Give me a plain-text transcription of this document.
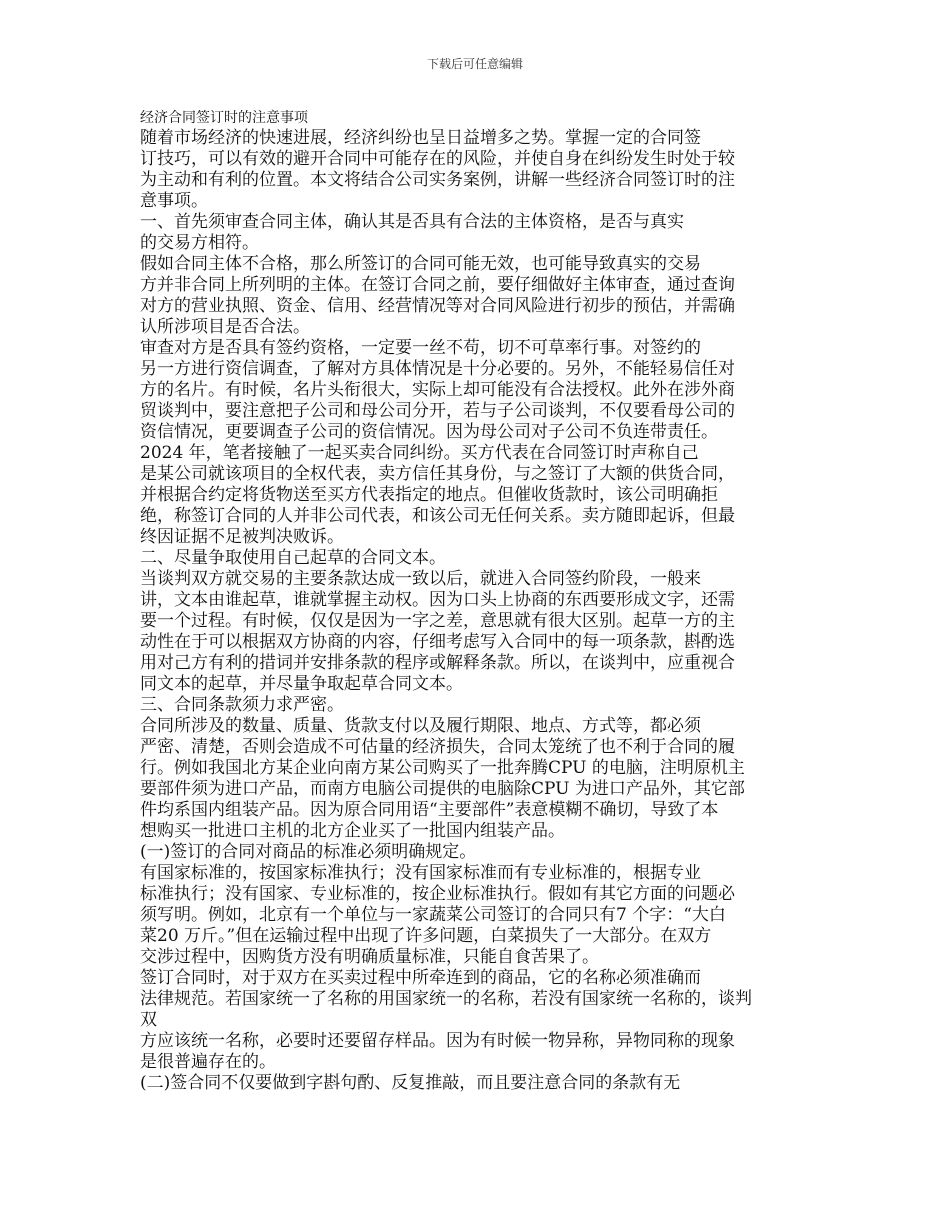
下载后可任意编辑
经济合同签订时的注意事项
随着市场经济的快速进展，经济纠纷也呈日益增多之势。掌握一定的合同签
订技巧，可以有效的避开合同中可能存在的风险，并使自身在纠纷发生时处于较
为主动和有利的位置。本文将结合公司实务案例，讲解一些经济合同签订时的注
意事项。
一、首先须审查合同主体，确认其是否具有合法的主体资格，是否与真实
的交易方相符。
假如合同主体不合格，那么所签订的合同可能无效，也可能导致真实的交易
方并非合同上所列明的主体。在签订合同之前，要仔细做好主体审查，通过查询
对方的营业执照、资金、信用、经营情况等对合同风险进行初步的预估，并需确
认所涉项目是否合法。
审查对方是否具有签约资格，一定要一丝不苟，切不可草率行事。对签约的
另一方进行资信调查，了解对方具体情况是十分必要的。另外，不能轻易信任对
方的名片。有时候，名片头衔很大，实际上却可能没有合法授权。此外在涉外商
贸谈判中，要注意把子公司和母公司分开，若与子公司谈判，不仅要看母公司的
资信情况，更要调查子公司的资信情况。因为母公司对子公司不负连带责任。
2024 年，笔者接触了一起买卖合同纠纷。买方代表在合同签订时声称自己
是某公司就该项目的全权代表，卖方信任其身份，与之签订了大额的供货合同，
并根据合约定将货物送至买方代表指定的地点。但催收货款时，该公司明确拒
绝，称签订合同的人并非公司代表，和该公司无任何关系。卖方随即起诉，但最
终因证据不足被判决败诉。
二、尽量争取使用自己起草的合同文本。
当谈判双方就交易的主要条款达成一致以后，就进入合同签约阶段，一般来
讲，文本由谁起草，谁就掌握主动权。因为口头上协商的东西要形成文字，还需
要一个过程。有时候，仅仅是因为一字之差，意思就有很大区别。起草一方的主
动性在于可以根据双方协商的内容，仔细考虑写入合同中的每一项条款，斟酌选
用对己方有利的措词并安排条款的程序或解释条款。所以，在谈判中，应重视合
同文本的起草，并尽量争取起草合同文本。
三、合同条款须力求严密。
合同所涉及的数量、质量、货款支付以及履行期限、地点、方式等，都必须
严密、清楚，否则会造成不可估量的经济损失，合同太笼统了也不利于合同的履
行。例如我国北方某企业向南方某公司购买了一批奔腾CPU 的电脑，注明原机主
要部件须为进口产品，而南方电脑公司提供的电脑除CPU 为进口产品外，其它部
件均系国内组装产品。因为原合同用语“主要部件”表意模糊不确切，导致了本
想购买一批进口主机的北方企业买了一批国内组装产品。
(一)签订的合同对商品的标准必须明确规定。
有国家标准的，按国家标准执行；没有国家标准而有专业标准的，根据专业
标准执行；没有国家、专业标准的，按企业标准执行。假如有其它方面的问题必
须写明。例如，北京有一个单位与一家蔬菜公司签订的合同只有7 个字：“大白
菜20 万斤。”但在运输过程中出现了许多问题，白菜损失了一大部分。在双方
交涉过程中，因购货方没有明确质量标准，只能自食苦果了。
签订合同时，对于双方在买卖过程中所牵连到的商品，它的名称必须准确而
法律规范。若国家统一了名称的用国家统一的名称，若没有国家统一名称的，谈判
双
方应该统一名称，必要时还要留存样品。因为有时候一物异称，异物同称的现象
是很普遍存在的。
(二)签合同不仅要做到字斟句酌、反复推敲，而且要注意合同的条款有无
